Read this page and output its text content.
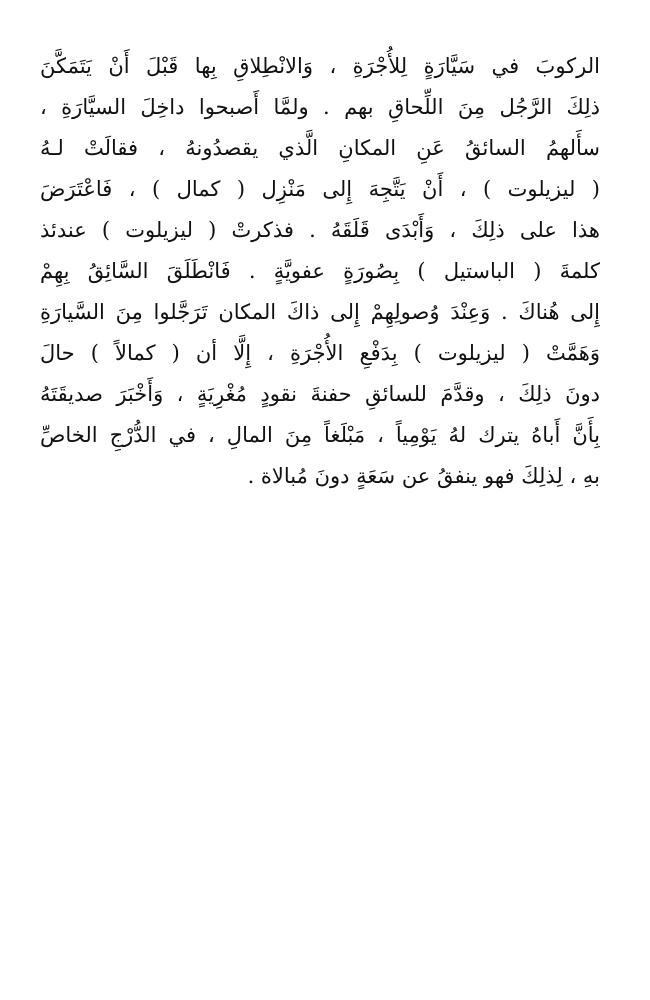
الركوبَ في سَيَّارَةٍ لِلأُجْرَةِ ، وَالانْطِلاقِ بِها قَبْلَ أَنْ يَتَمَكَّنَ
ذلِكَ الرَّجُل مِنَ اللِّحاقِ بهم . ولمَّا أَصبحوا داخِلَ السيَّارَةِ ،
سأَلهمُ السائقُ عَنِ المكانِ الَّذي يقصدُونهُ ، فقالَتْ لـهُ
( ليزيلوت ) ، أَنْ يَتَّجِهَ إِلى مَنْزِل ( كمال ) ، فَاعْتَرَضَ
هذا على ذلِكَ ، وَأَبْدَى قَلَقَهُ . فذكرتْ ( ليزيلوت ) عندئذ
كلمةَ ( الباستيل ) بِصُورَةٍ عفويَّةٍ . فَانْطَلَقَ السَّائِقُ بِهِمْ
إِلى هُناكَ . وَعِنْدَ وُصولِهِمْ إِلى ذاكَ المكان تَرَجَّلوا مِنَ السَّيارَةِ
وَهَمَّتْ ( ليزيلوت ) بِدَفْعِ الأُجْرَةِ ، إِلَّا أن ( كمالاً ) حالَ
دونَ ذلِكَ ، وقدَّمَ للسائقِ حفنةَ نقودٍ مُغْرِيَةٍ ، وَأَخْبَرَ صديقَتَهُ
بِأَنَّ أَباهُ يترك لهُ يَوْمِياً ، مَبْلَغاً مِنَ المالِ ، في الدُّرْجِ الخاصِّ
بهِ ، لِذلِكَ فهو ينفقُ عن سَعَةٍ دونَ مُبالاة .
